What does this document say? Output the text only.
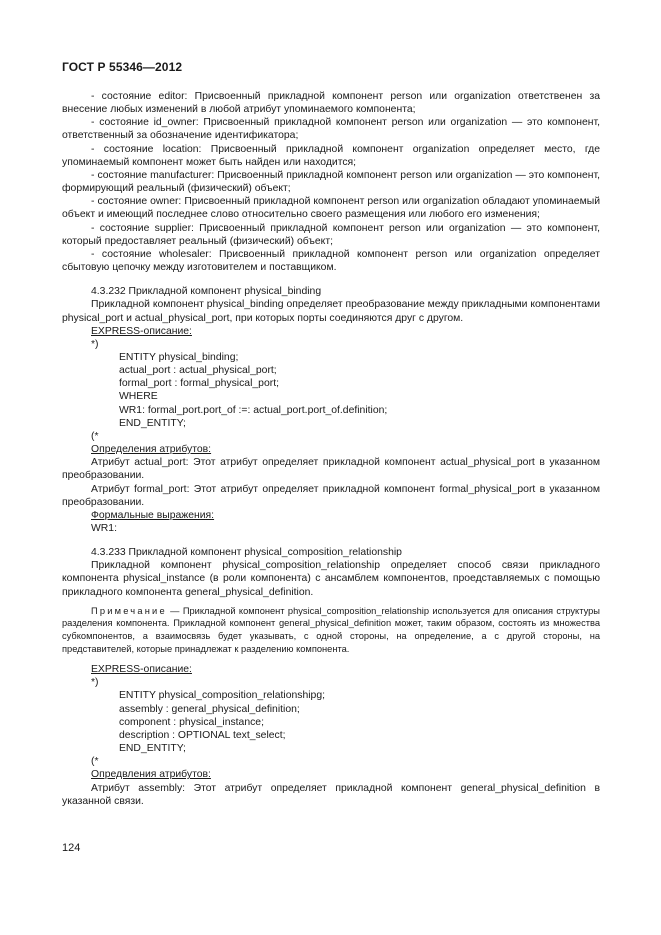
ГОСТ Р 55346—2012

- состояние editor: Присвоенный прикладной компонент person или organization ответственен за внесение любых изменений в любой атрибут упоминаемого компонента;

- состояние id_owner: Присвоенный прикладной компонент person или organization — это компонент, ответственный за обозначение идентификатора;

- состояние location: Присвоенный прикладной компонент organization определяет место, где упоминаемый компонент может быть найден или находится;

- состояние manufacturer: Присвоенный прикладной компонент person или organization — это компонент, формирующий реальный (физический) объект;

- состояние owner: Присвоенный прикладной компонент person или organization обладают упоминаемый объект и имеющий последнее слово относительно своего размещения или любого его изменения;

- состояние supplier: Присвоенный прикладной компонент person или organization — это компонент, который предоставляет реальный (физический) объект;

- состояние wholesaler: Присвоенный прикладной компонент person или organization определяет сбытовую цепочку между изготовителем и поставщиком.

4.3.232 Прикладной компонент physical_binding

Прикладной компонент physical_binding определяет преобразование между прикладными компонентами physical_port и actual_physical_port, при которых порты соединяются друг с другом.

EXPRESS-описание:

*)

ENTITY physical_binding;

actual_port : actual_physical_port;

formal_port : formal_physical_port;

WHERE

WR1: formal_port.port_of :=: actual_port.port_of.definition;

END_ENTITY;

(*

Определения атрибутов:

Атрибут actual_port: Этот атрибут определяет прикладной компонент actual_physical_port в указанном преобразовании.

Атрибут formal_port: Этот атрибут определяет прикладной компонент formal_physical_port в указанном преобразовании.

Формальные выражения:

WR1:

4.3.233 Прикладной компонент physical_composition_relationship

Прикладной компонент physical_composition_relationship определяет способ связи прикладного компонента physical_instance (в роли компонента) с ансамблем компонентов, проедставляемых с помощью прикладного компонента general_physical_definition.

Примечание — Прикладной компонент physical_composition_relationship используется для описания структуры разделения компонента. Прикладной компонент general_physical_definition может, таким образом, состоять из множества субкомпонентов, а взаимосвязь будет указывать, с одной стороны, на определение, а с другой стороны, на представителей, которые принадлежат к разделению компонента.

EXPRESS-описание:

*)

ENTITY physical_composition_relationshipg;

assembly : general_physical_definition;

component : physical_instance;

description : OPTIONAL text_select;

END_ENTITY;

(*

Опредвления атрибутов:

Атрибут assembly: Этот атрибут определяет прикладной компонент general_physical_definition в указанной связи.

124
